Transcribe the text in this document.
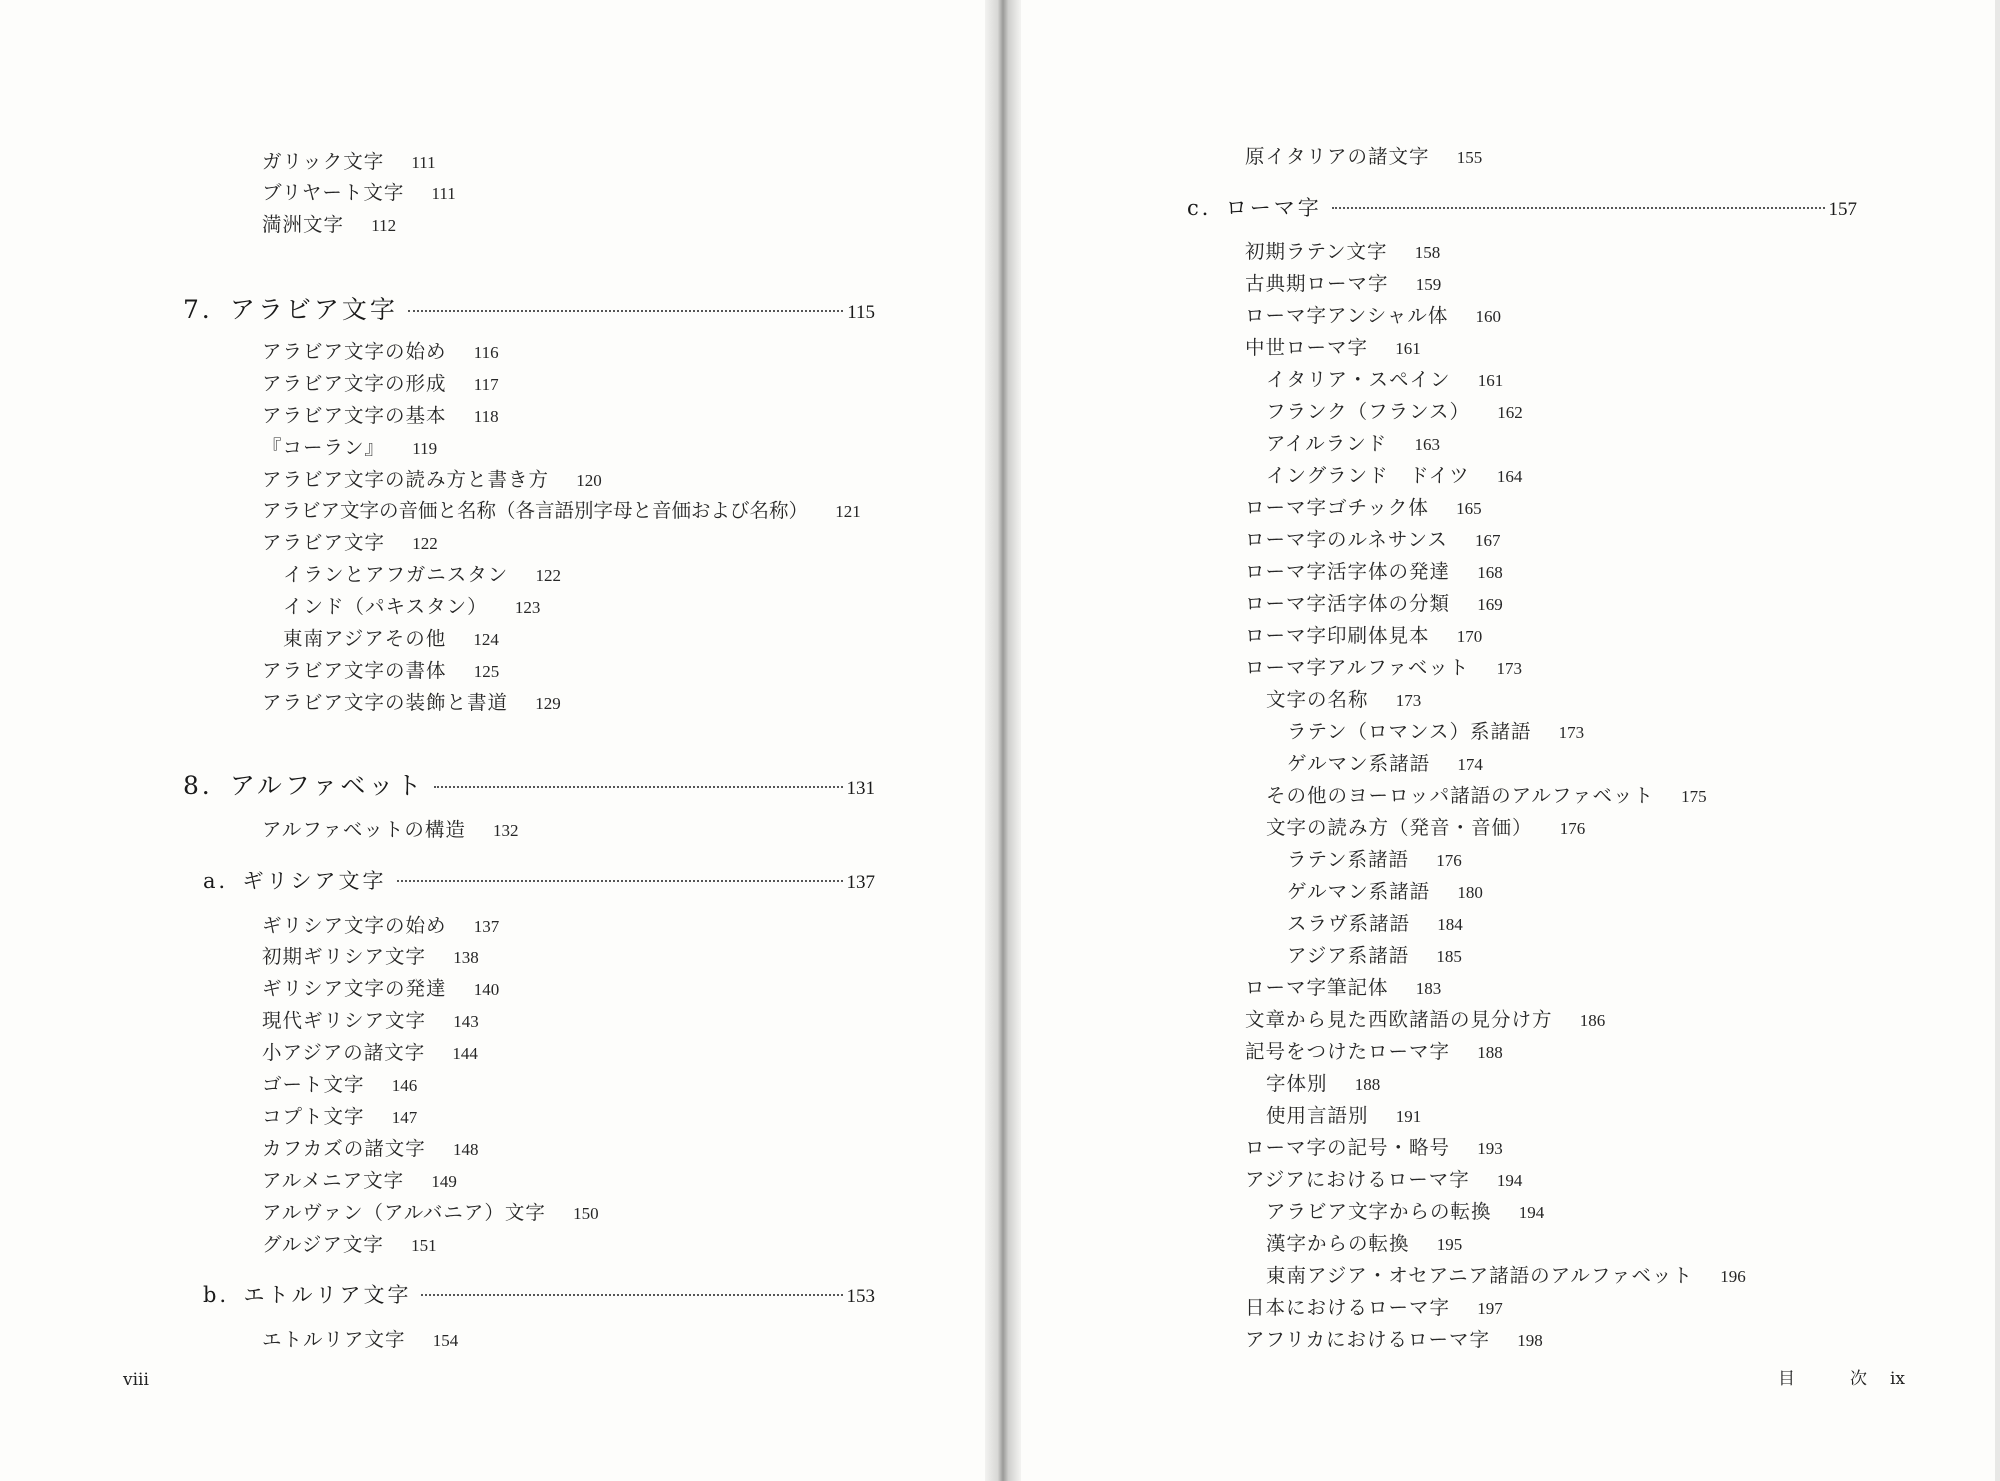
ガリック文字 111
ブリヤート文字 111
満洲文字 112
7．アラビア文字	115
アラビア文字の始め 116
アラビア文字の形成 117
アラビア文字の基本 118
『コーラン』 119
アラビア文字の読み方と書き方 120
アラビア文字の音価と名称（各言語別字母と音価および名称） 121
アラビア文字 122
イランとアフガニスタン 122
インド（パキスタン） 123
東南アジアその他 124
アラビア文字の書体 125
アラビア文字の装飾と書道 129
8．アルファベット	131
アルファベットの構造 132
a．ギリシア文字	137
ギリシア文字の始め 137
初期ギリシア文字 138
ギリシア文字の発達 140
現代ギリシア文字 143
小アジアの諸文字 144
ゴート文字 146
コプト文字 147
カフカズの諸文字 148
アルメニア文字 149
アルヴァン（アルバニア）文字 150
グルジア文字 151
b．エトルリア文字	153
エトルリア文字 154
viii
原イタリアの諸文字 155
c．ローマ字	157
初期ラテン文字 158
古典期ローマ字 159
ローマ字アンシャル体 160
中世ローマ字 161
イタリア・スペイン 161
フランク（フランス） 162
アイルランド 163
イングランド　ドイツ 164
ローマ字ゴチック体 165
ローマ字のルネサンス 167
ローマ字活字体の発達 168
ローマ字活字体の分類 169
ローマ字印刷体見本 170
ローマ字アルファベット 173
文字の名称 173
ラテン（ロマンス）系諸語 173
ゲルマン系諸語 174
その他のヨーロッパ諸語のアルファベット 175
文字の読み方（発音・音価） 176
ラテン系諸語 176
ゲルマン系諸語 180
スラヴ系諸語 184
アジア系諸語 185
ローマ字筆記体 183
文章から見た西欧諸語の見分け方 186
記号をつけたローマ字 188
字体別 188
使用言語別 191
ローマ字の記号・略号 193
アジアにおけるローマ字 194
アラビア文字からの転換 194
漢字からの転換 195
東南アジア・オセアニア諸語のアルファベット 196
日本におけるローマ字 197
アフリカにおけるローマ字 198
目	次 ix
